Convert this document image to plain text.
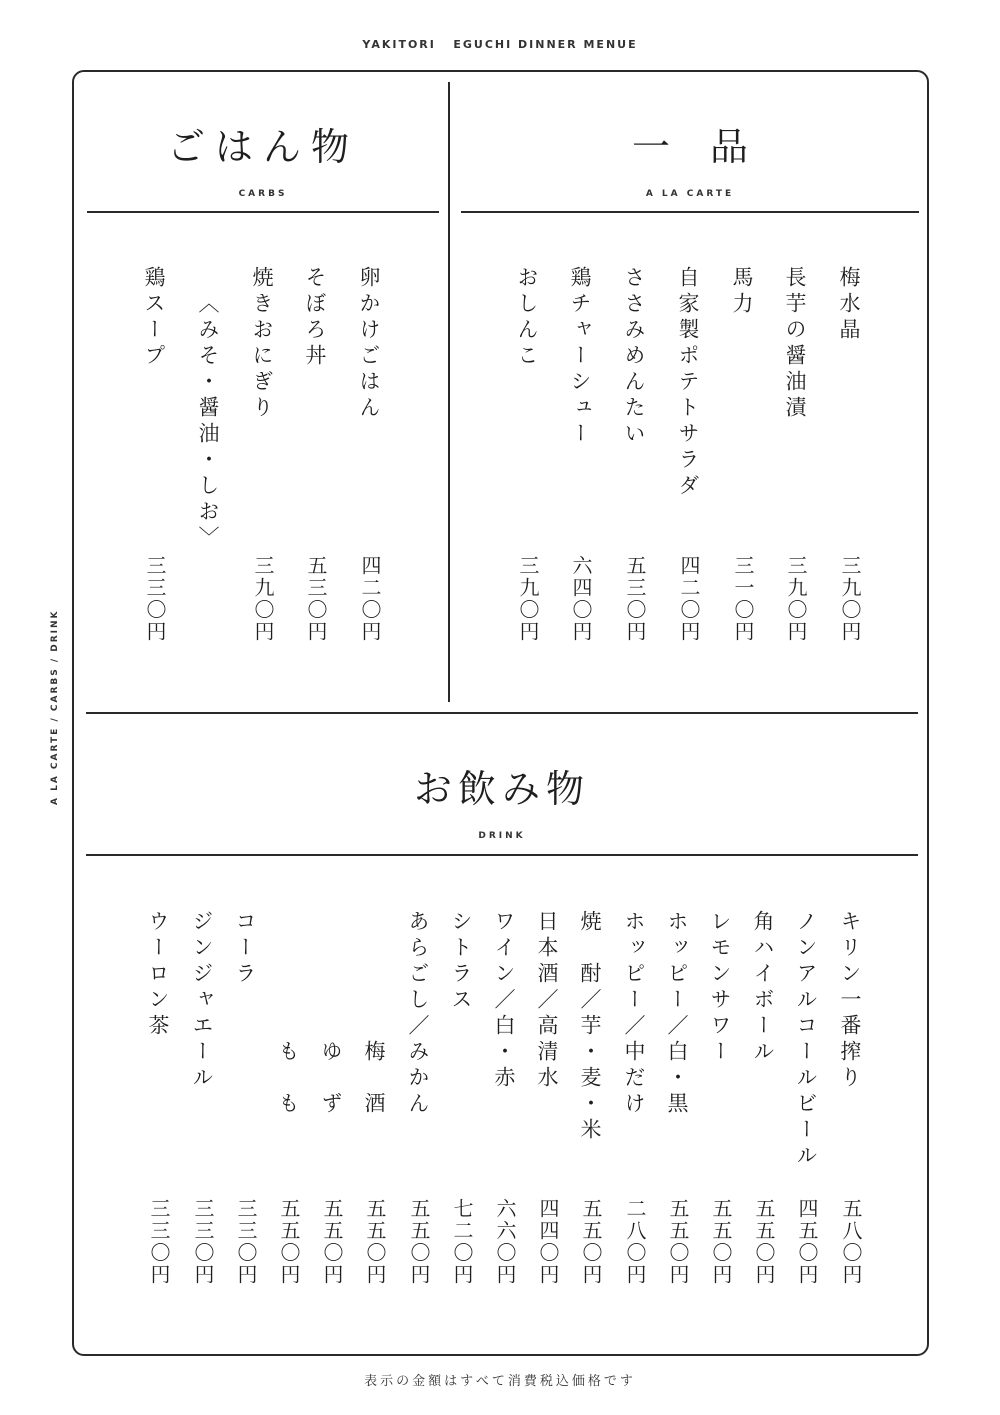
YAKITORI   EGUCHI DINNER MENUE
A LA CARTE / CARBS / DRINK
ごはん物
CARBS
卵かけごはん
そぼろ丼
焼きおにぎり
〈みそ・醤油・しお〉
鶏スープ
四二〇円
五三〇円
三九〇円
三三〇円
一品
A LA CARTE
梅水晶
長芋の醤油漬
馬力
自家製ポテトサラダ
ささみめんたい
鶏チャーシュー
おしんこ
三九〇円
三九〇円
三一〇円
四二〇円
五三〇円
六四〇円
三九〇円
お飲み物
DRINK
キリン一番搾り
ノンアルコールビール
角ハイボール
レモンサワー
ホッピー／白・黒
ホッピー／中だけ
焼　酎／芋・麦・米
日本酒／高清水
ワイン／白・赤
シトラス
あらごし／みかん
梅　酒
ゆ　ず
も　も
コーラ
ジンジャエール
ウーロン茶
五八〇円
四五〇円
五五〇円
五五〇円
五五〇円
二八〇円
五五〇円
四四〇円
六六〇円
七二〇円
五五〇円
五五〇円
五五〇円
五五〇円
三三〇円
三三〇円
三三〇円
表示の金額はすべて消費税込価格です
